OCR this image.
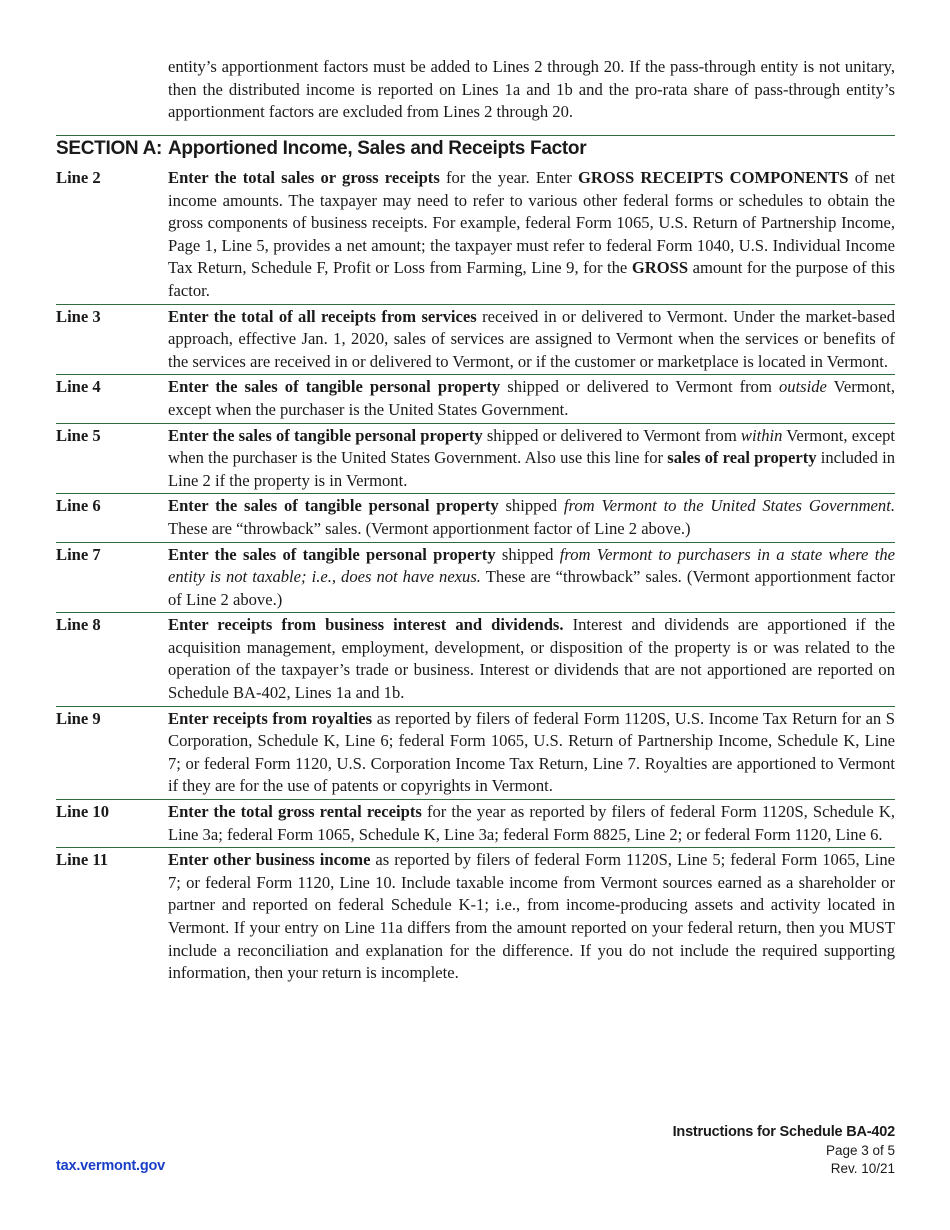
entity’s apportionment factors must be added to Lines 2 through 20. If the pass-through entity is not unitary, then the distributed income is reported on Lines 1a and 1b and the pro-rata share of pass-through entity’s apportionment factors are excluded from Lines 2 through 20.
SECTION A: Apportioned Income, Sales and Receipts Factor
Line 2	Enter the total sales or gross receipts for the year. Enter GROSS RECEIPTS COMPONENTS of net income amounts. The taxpayer may need to refer to various other federal forms or schedules to obtain the gross components of business receipts. For example, federal Form 1065, U.S. Return of Partnership Income, Page 1, Line 5, provides a net amount; the taxpayer must refer to federal Form 1040, U.S. Individual Income Tax Return, Schedule F, Profit or Loss from Farming, Line 9, for the GROSS amount for the purpose of this factor.
Line 3	Enter the total of all receipts from services received in or delivered to Vermont. Under the market-based approach, effective Jan. 1, 2020, sales of services are assigned to Vermont when the services or benefits of the services are received in or delivered to Vermont, or if the customer or marketplace is located in Vermont.
Line 4	Enter the sales of tangible personal property shipped or delivered to Vermont from outside Vermont, except when the purchaser is the United States Government.
Line 5	Enter the sales of tangible personal property shipped or delivered to Vermont from within Vermont, except when the purchaser is the United States Government. Also use this line for sales of real property included in Line 2 if the property is in Vermont.
Line 6	Enter the sales of tangible personal property shipped from Vermont to the United States Government. These are “throwback” sales. (Vermont apportionment factor of Line 2 above.)
Line 7	Enter the sales of tangible personal property shipped from Vermont to purchasers in a state where the entity is not taxable; i.e., does not have nexus. These are “throwback” sales. (Vermont apportionment factor of Line 2 above.)
Line 8	Enter receipts from business interest and dividends. Interest and dividends are apportioned if the acquisition management, employment, development, or disposition of the property is or was related to the operation of the taxpayer’s trade or business. Interest or dividends that are not apportioned are reported on Schedule BA-402, Lines 1a and 1b.
Line 9	Enter receipts from royalties as reported by filers of federal Form 1120S, U.S. Income Tax Return for an S Corporation, Schedule K, Line 6; federal Form 1065, U.S. Return of Partnership Income, Schedule K, Line 7; or federal Form 1120, U.S. Corporation Income Tax Return, Line 7. Royalties are apportioned to Vermont if they are for the use of patents or copyrights in Vermont.
Line 10	Enter the total gross rental receipts for the year as reported by filers of federal Form 1120S, Schedule K, Line 3a; federal Form 1065, Schedule K, Line 3a; federal Form 8825, Line 2; or federal Form 1120, Line 6.
Line 11	Enter other business income as reported by filers of federal Form 1120S, Line 5; federal Form 1065, Line 7; or federal Form 1120, Line 10. Include taxable income from Vermont sources earned as a shareholder or partner and reported on federal Schedule K-1; i.e., from income-producing assets and activity located in Vermont. If your entry on Line 11a differs from the amount reported on your federal return, then you MUST include a reconciliation and explanation for the difference. If you do not include the required supporting information, then your return is incomplete.
Instructions for Schedule BA-402
Page 3 of 5
Rev. 10/21
tax.vermont.gov
